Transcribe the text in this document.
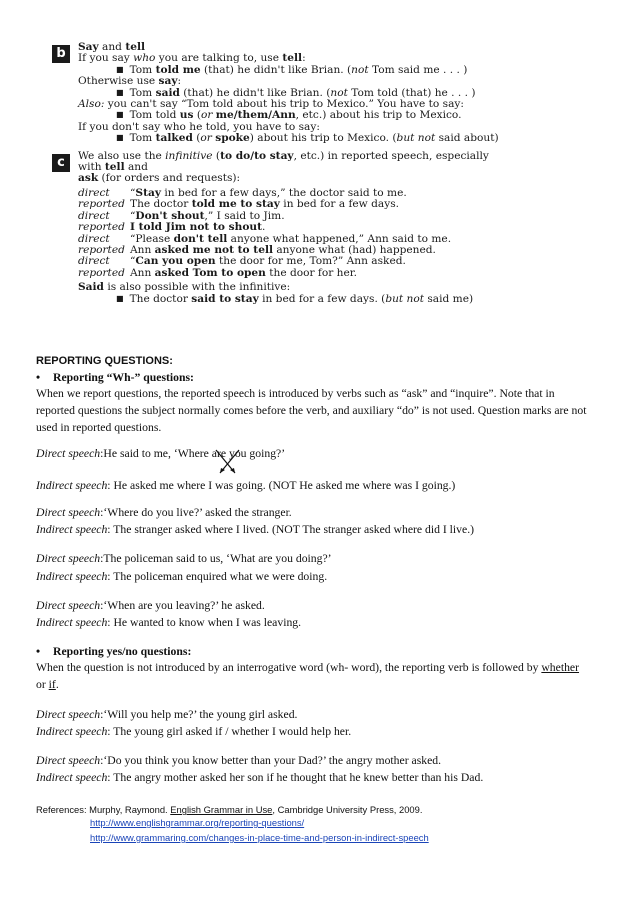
b	Say and tell
If you say who you are talking to, use tell:
■ Tom told me (that) he didn't like Brian. (not Tom said me . . . )
Otherwise use say:
■ Tom said (that) he didn't like Brian. (not Tom told (that) he . . . )
Also: you can't say “Tom told about his trip to Mexico.” You have to say:
■ Tom told us (or me/them/Ann, etc.) about his trip to Mexico.
If you don't say who he told, you have to say:
■ Tom talked (or spoke) about his trip to Mexico. (but not said about)
c	We also use the infinitive (to do/to stay, etc.) in reported speech, especially with tell and
ask (for orders and requests):
direct	“Stay in bed for a few days,” the doctor said to me.
reported The doctor told me to stay in bed for a few days.
direct	“Don't shout,” I said to Jim.
reported I told Jim not to shout.
direct	“Please don't tell anyone what happened,” Ann said to me.
reported Ann asked me not to tell anyone what (had) happened.
direct	“Can you open the door for me, Tom?” Ann asked.
reported Ann asked Tom to open the door for her.
Said is also possible with the infinitive:
■ The doctor said to stay in bed for a few days. (but not said me)
REPORTING QUESTIONS:
• Reporting “Wh-” questions:
When we report questions, the reported speech is introduced by verbs such as “ask” and “inquire”. Note that in
reported questions the subject normally comes before the verb, and auxiliary “do” is not used. Question marks are not
used in reported questions.
Direct speech:He said to me, ‘Where are you going?’
Indirect speech: He asked me where I was going. (NOT He asked me where was I going.)
Direct speech:‘Where do you live?’ asked the stranger.
Indirect speech: The stranger asked where I lived. (NOT The stranger asked where did I live.)
Direct speech:The policeman said to us, ‘What are you doing?’
Indirect speech: The policeman enquired what we were doing.
Direct speech:‘When are you leaving?’ he asked.
Indirect speech: He wanted to know when I was leaving.
• Reporting yes/no questions:
When the question is not introduced by an interrogative word (wh- word), the reporting verb is followed by whether
or if.
Direct speech:‘Will you help me?’ the young girl asked.
Indirect speech: The young girl asked if / whether I would help her.
Direct speech:‘Do you think you know better than your Dad?’ the angry mother asked.
Indirect speech: The angry mother asked her son if he thought that he knew better than his Dad.
References: Murphy, Raymond. English Grammar in Use, Cambridge University Press, 2009.
http://www.englishgrammar.org/reporting-questions/
http://www.grammaring.com/changes-in-place-time-and-person-in-indirect-speech
